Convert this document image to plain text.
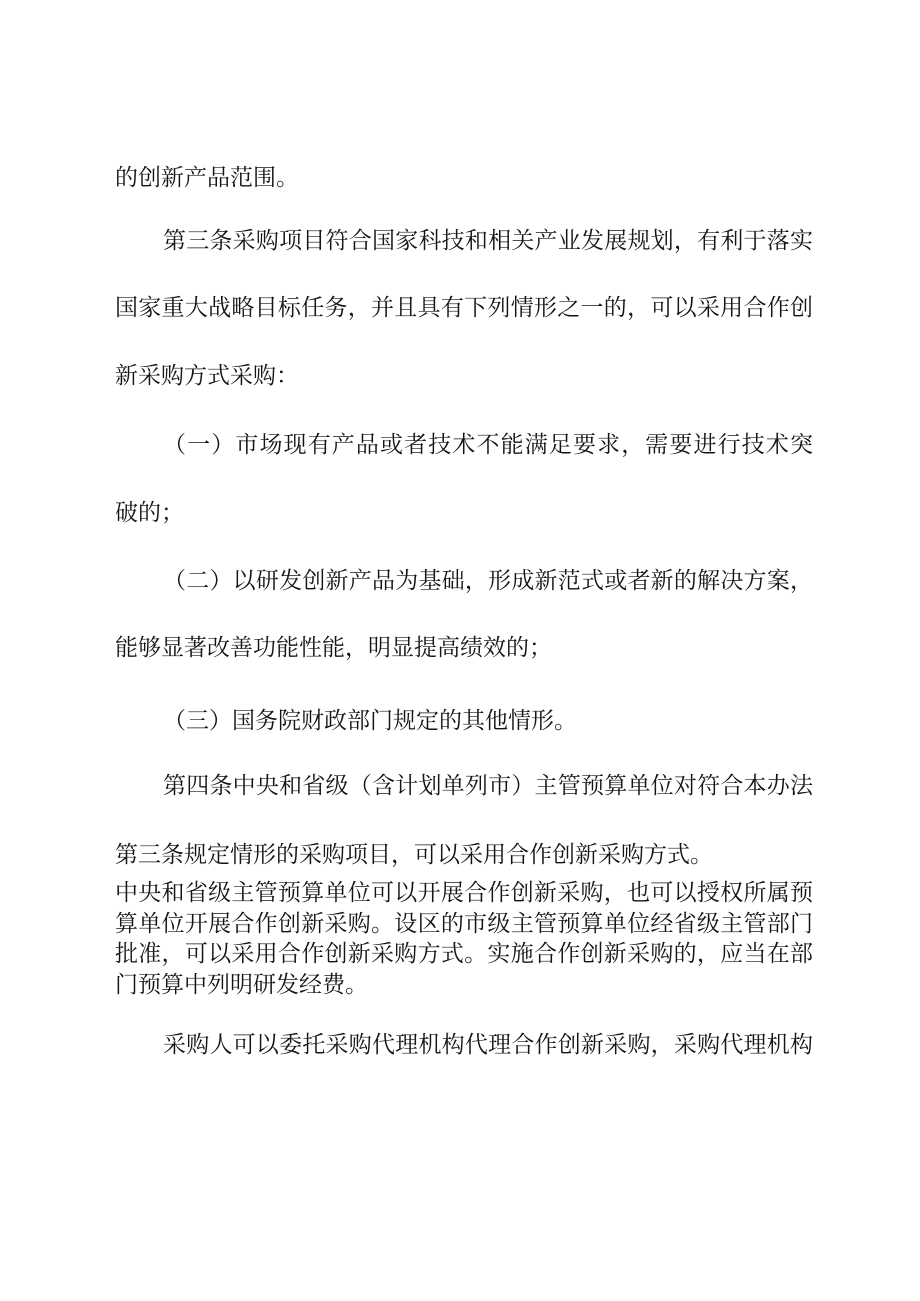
的创新产品范围。
第三条采购项目符合国家科技和相关产业发展规划，有利于落实
国家重大战略目标任务，并且具有下列情形之一的，可以采用合作创
新采购方式采购：
（一）市场现有产品或者技术不能满足要求，需要进行技术突
破的；
（二）以研发创新产品为基础，形成新范式或者新的解决方案，
能够显著改善功能性能，明显提高绩效的；
（三）国务院财政部门规定的其他情形。
第四条中央和省级（含计划单列市）主管预算单位对符合本办法
第三条规定情形的采购项目，可以采用合作创新采购方式。
中央和省级主管预算单位可以开展合作创新采购，也可以授权所属预
算单位开展合作创新采购。设区的市级主管预算单位经省级主管部门
批准，可以采用合作创新采购方式。实施合作创新采购的，应当在部
门预算中列明研发经费。
采购人可以委托采购代理机构代理合作创新采购，采购代理机构
